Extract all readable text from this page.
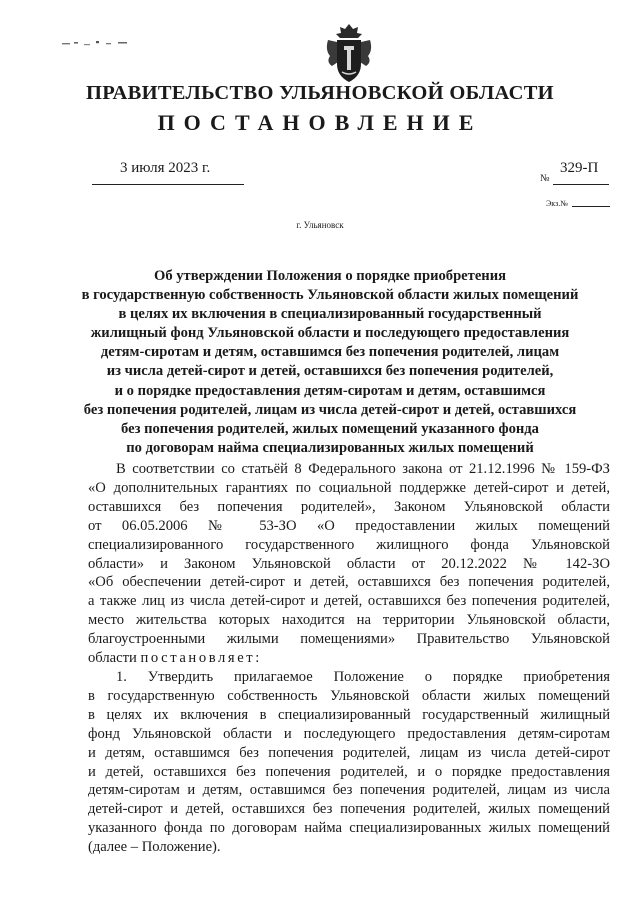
ПРАВИТЕЛЬСТВО УЛЬЯНОВСКОЙ ОБЛАСТИ
ПОСТАНОВЛЕНИЕ
3 июля 2023 г.
№
329-П
Экз.№
г. Ульяновск
Об утверждении Положения о порядке приобретения
в государственную собственность Ульяновской области жилых помещений
в целях их включения в специализированный государственный
жилищный фонд Ульяновской области и последующего предоставления
детям-сиротам и детям, оставшимся без попечения родителей, лицам
из числа детей-сирот и детей, оставшихся без попечения родителей,
и о порядке предоставления детям-сиротам и детям, оставшимся
без попечения родителей, лицам из числа детей-сирот и детей, оставшихся
без попечения родителей, жилых помещений указанного фонда
по договорам найма специализированных жилых помещений
В соответствии со статьёй 8 Федерального закона от 21.12.1996 № 159-ФЗ
«О дополнительных гарантиях по социальной поддержке детей-сирот и детей,
оставшихся без попечения родителей», Законом Ульяновской области
от 06.05.2006 № 53-ЗО «О предоставлении жилых помещений
специализированного государственного жилищного фонда Ульяновской
области» и Законом Ульяновской области от 20.12.2022 № 142-ЗО
«Об обеспечении детей-сирот и детей, оставшихся без попечения родителей,
а также лиц из числа детей-сирот и детей, оставшихся без попечения родителей,
место жительства которых находится на территории Ульяновской области,
благоустроенными жилыми помещениями» Правительство Ульяновской
области постановляет:
1. Утвердить прилагаемое Положение о порядке приобретения
в государственную собственность Ульяновской области жилых помещений
в целях их включения в специализированный государственный жилищный
фонд Ульяновской области и последующего предоставления детям-сиротам
и детям, оставшимся без попечения родителей, лицам из числа детей-сирот
и детей, оставшихся без попечения родителей, и о порядке предоставления
детям-сиротам и детям, оставшимся без попечения родителей, лицам из числа
детей-сирот и детей, оставшихся без попечения родителей, жилых помещений
указанного фонда по договорам найма специализированных жилых помещений
(далее – Положение).
